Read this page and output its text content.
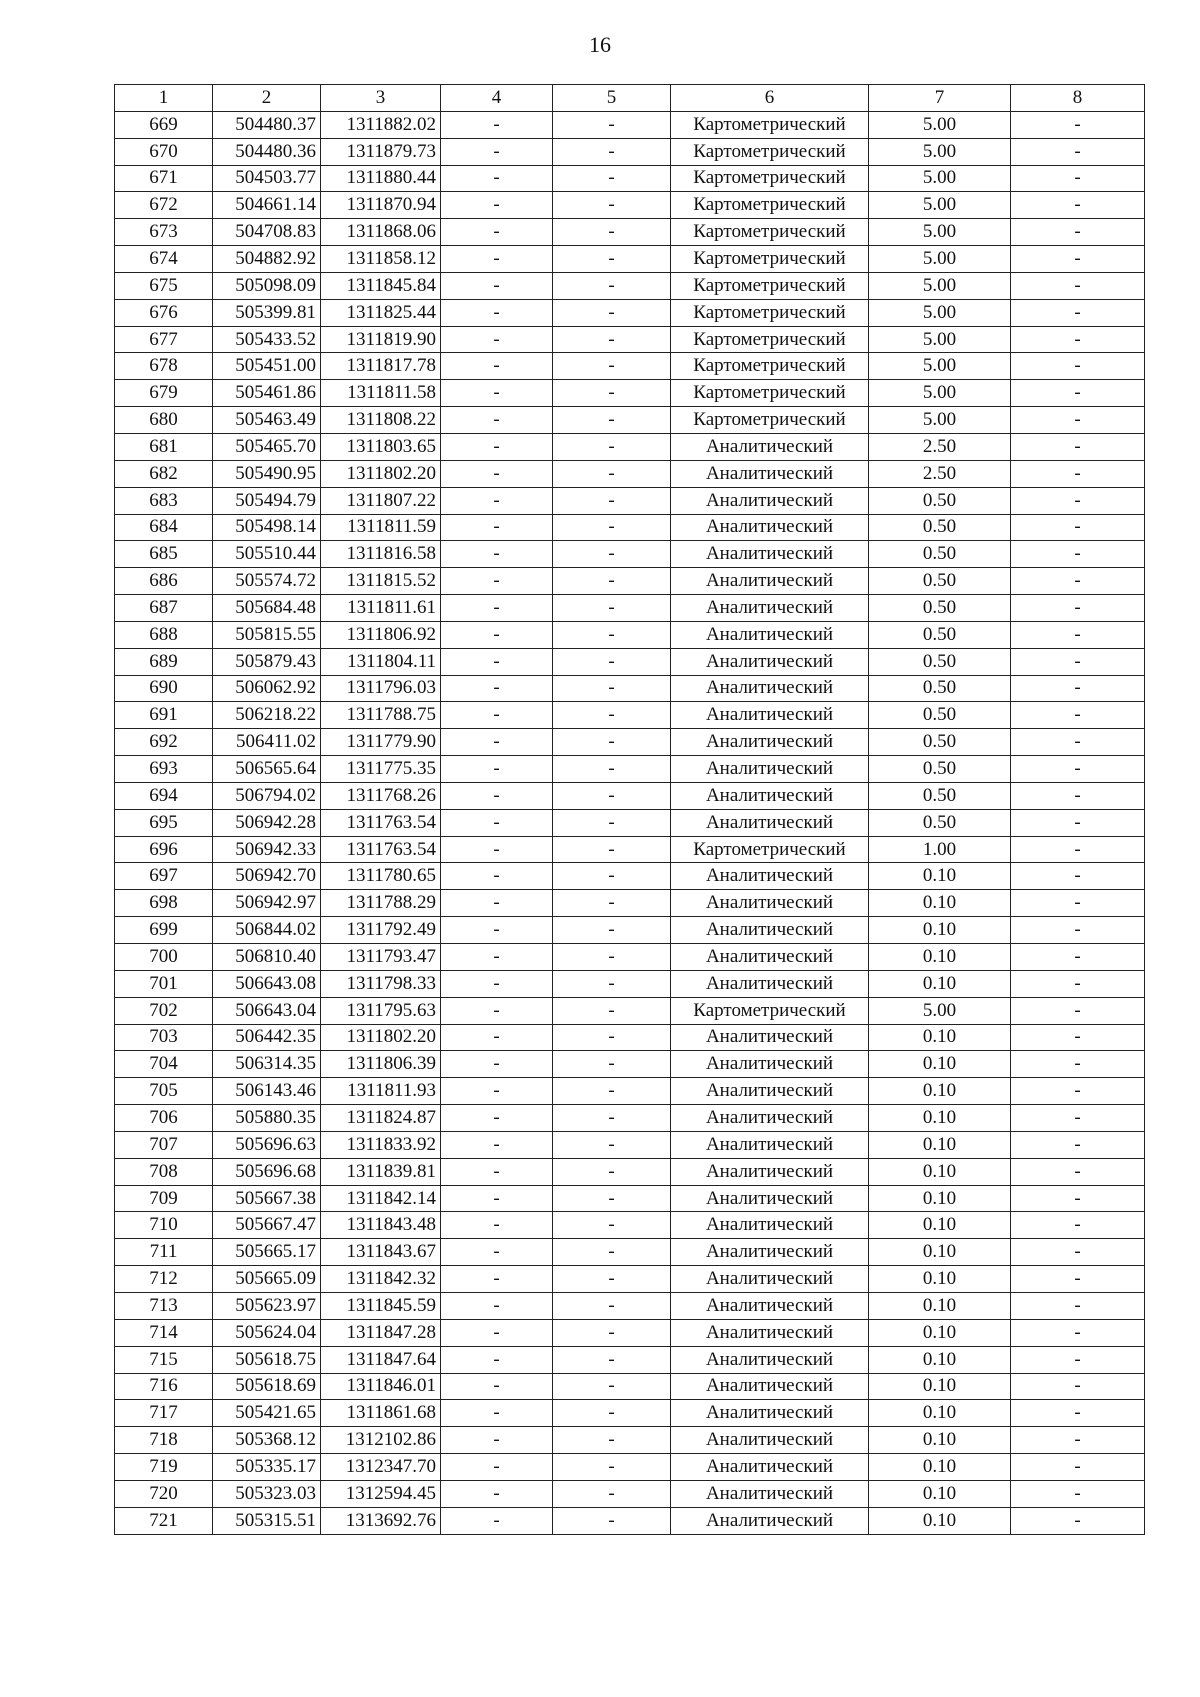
16
1	2	3	4	5	6	7	8
669	504480.37	1311882.02	-	-	Картометрический	5.00	-
670	504480.36	1311879.73	-	-	Картометрический	5.00	-
671	504503.77	1311880.44	-	-	Картометрический	5.00	-
672	504661.14	1311870.94	-	-	Картометрический	5.00	-
673	504708.83	1311868.06	-	-	Картометрический	5.00	-
674	504882.92	1311858.12	-	-	Картометрический	5.00	-
675	505098.09	1311845.84	-	-	Картометрический	5.00	-
676	505399.81	1311825.44	-	-	Картометрический	5.00	-
677	505433.52	1311819.90	-	-	Картометрический	5.00	-
678	505451.00	1311817.78	-	-	Картометрический	5.00	-
679	505461.86	1311811.58	-	-	Картометрический	5.00	-
680	505463.49	1311808.22	-	-	Картометрический	5.00	-
681	505465.70	1311803.65	-	-	Аналитический	2.50	-
682	505490.95	1311802.20	-	-	Аналитический	2.50	-
683	505494.79	1311807.22	-	-	Аналитический	0.50	-
684	505498.14	1311811.59	-	-	Аналитический	0.50	-
685	505510.44	1311816.58	-	-	Аналитический	0.50	-
686	505574.72	1311815.52	-	-	Аналитический	0.50	-
687	505684.48	1311811.61	-	-	Аналитический	0.50	-
688	505815.55	1311806.92	-	-	Аналитический	0.50	-
689	505879.43	1311804.11	-	-	Аналитический	0.50	-
690	506062.92	1311796.03	-	-	Аналитический	0.50	-
691	506218.22	1311788.75	-	-	Аналитический	0.50	-
692	506411.02	1311779.90	-	-	Аналитический	0.50	-
693	506565.64	1311775.35	-	-	Аналитический	0.50	-
694	506794.02	1311768.26	-	-	Аналитический	0.50	-
695	506942.28	1311763.54	-	-	Аналитический	0.50	-
696	506942.33	1311763.54	-	-	Картометрический	1.00	-
697	506942.70	1311780.65	-	-	Аналитический	0.10	-
698	506942.97	1311788.29	-	-	Аналитический	0.10	-
699	506844.02	1311792.49	-	-	Аналитический	0.10	-
700	506810.40	1311793.47	-	-	Аналитический	0.10	-
701	506643.08	1311798.33	-	-	Аналитический	0.10	-
702	506643.04	1311795.63	-	-	Картометрический	5.00	-
703	506442.35	1311802.20	-	-	Аналитический	0.10	-
704	506314.35	1311806.39	-	-	Аналитический	0.10	-
705	506143.46	1311811.93	-	-	Аналитический	0.10	-
706	505880.35	1311824.87	-	-	Аналитический	0.10	-
707	505696.63	1311833.92	-	-	Аналитический	0.10	-
708	505696.68	1311839.81	-	-	Аналитический	0.10	-
709	505667.38	1311842.14	-	-	Аналитический	0.10	-
710	505667.47	1311843.48	-	-	Аналитический	0.10	-
711	505665.17	1311843.67	-	-	Аналитический	0.10	-
712	505665.09	1311842.32	-	-	Аналитический	0.10	-
713	505623.97	1311845.59	-	-	Аналитический	0.10	-
714	505624.04	1311847.28	-	-	Аналитический	0.10	-
715	505618.75	1311847.64	-	-	Аналитический	0.10	-
716	505618.69	1311846.01	-	-	Аналитический	0.10	-
717	505421.65	1311861.68	-	-	Аналитический	0.10	-
718	505368.12	1312102.86	-	-	Аналитический	0.10	-
719	505335.17	1312347.70	-	-	Аналитический	0.10	-
720	505323.03	1312594.45	-	-	Аналитический	0.10	-
721	505315.51	1313692.76	-	-	Аналитический	0.10	-
